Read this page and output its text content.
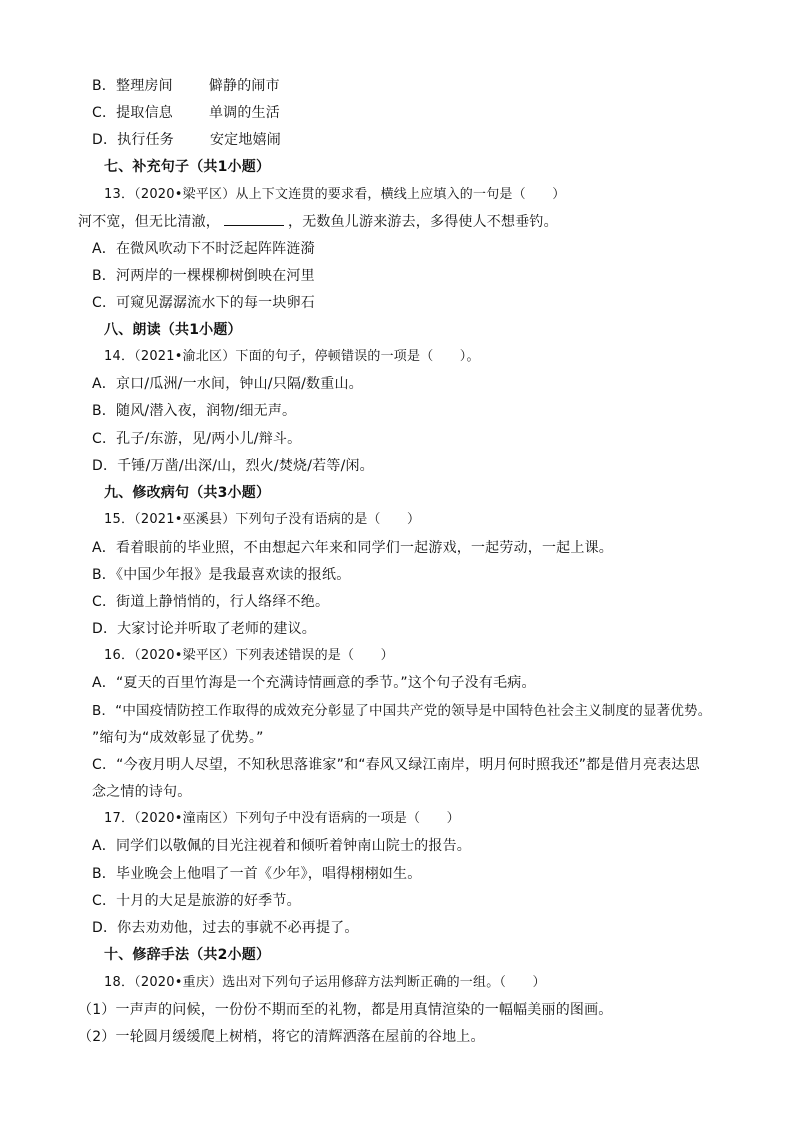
B．整理房间	僻静的闹市
C．提取信息	单调的生活
D．执行任务	安定地嬉闹
七、补充句子（共1小题）
13．（2020•梁平区）从上下文连贯的要求看，横线上应填入的一句是（　　）
河不宽，但无比清澈，	，无数鱼儿游来游去，多得使人不想垂钓。
A．在微风吹动下不时泛起阵阵涟漪
B．河两岸的一棵棵柳树倒映在河里
C．可窥见潺潺流水下的每一块卵石
八、朗读（共1小题）
14．（2021•渝北区）下面的句子，停顿错误的一项是（　　）。
A．京口/瓜洲/一水间，钟山/只隔/数重山。
B．随风/潜入夜，润物/细无声。
C．孔子/东游，见/两小儿/辩斗。
D．千锤/万凿/出深/山，烈火/焚烧/若等/闲。
九、修改病句（共3小题）
15．（2021•巫溪县）下列句子没有语病的是（　　）
A．看着眼前的毕业照，不由想起六年来和同学们一起游戏，一起劳动，一起上课。
B．《中国少年报》是我最喜欢读的报纸。
C．街道上静悄悄的，行人络绎不绝。
D．大家讨论并听取了老师的建议。
16．（2020•梁平区）下列表述错误的是（　　）
A．“夏天的百里竹海是一个充满诗情画意的季节。”这个句子没有毛病。
B．“中国疫情防控工作取得的成效充分彰显了中国共产党的领导是中国特色社会主义制度的显著优势。
”缩句为“成效彰显了优势。”
C．“今夜月明人尽望，不知秋思落谁家”和“春风又绿江南岸，明月何时照我还”都是借月亮表达思
念之情的诗句。
17．（2020•潼南区）下列句子中没有语病的一项是（　　）
A．同学们以敬佩的目光注视着和倾听着钟南山院士的报告。
B．毕业晚会上他唱了一首《少年》，唱得栩栩如生。
C．十月的大足是旅游的好季节。
D．你去劝劝他，过去的事就不必再提了。
十、修辞手法（共2小题）
18．（2020•重庆）选出对下列句子运用修辞方法判断正确的一组。（　　）
（1）一声声的问候，一份份不期而至的礼物，都是用真情渲染的一幅幅美丽的图画。
（2）一轮圆月缓缓爬上树梢，将它的清辉洒落在屋前的谷地上。
